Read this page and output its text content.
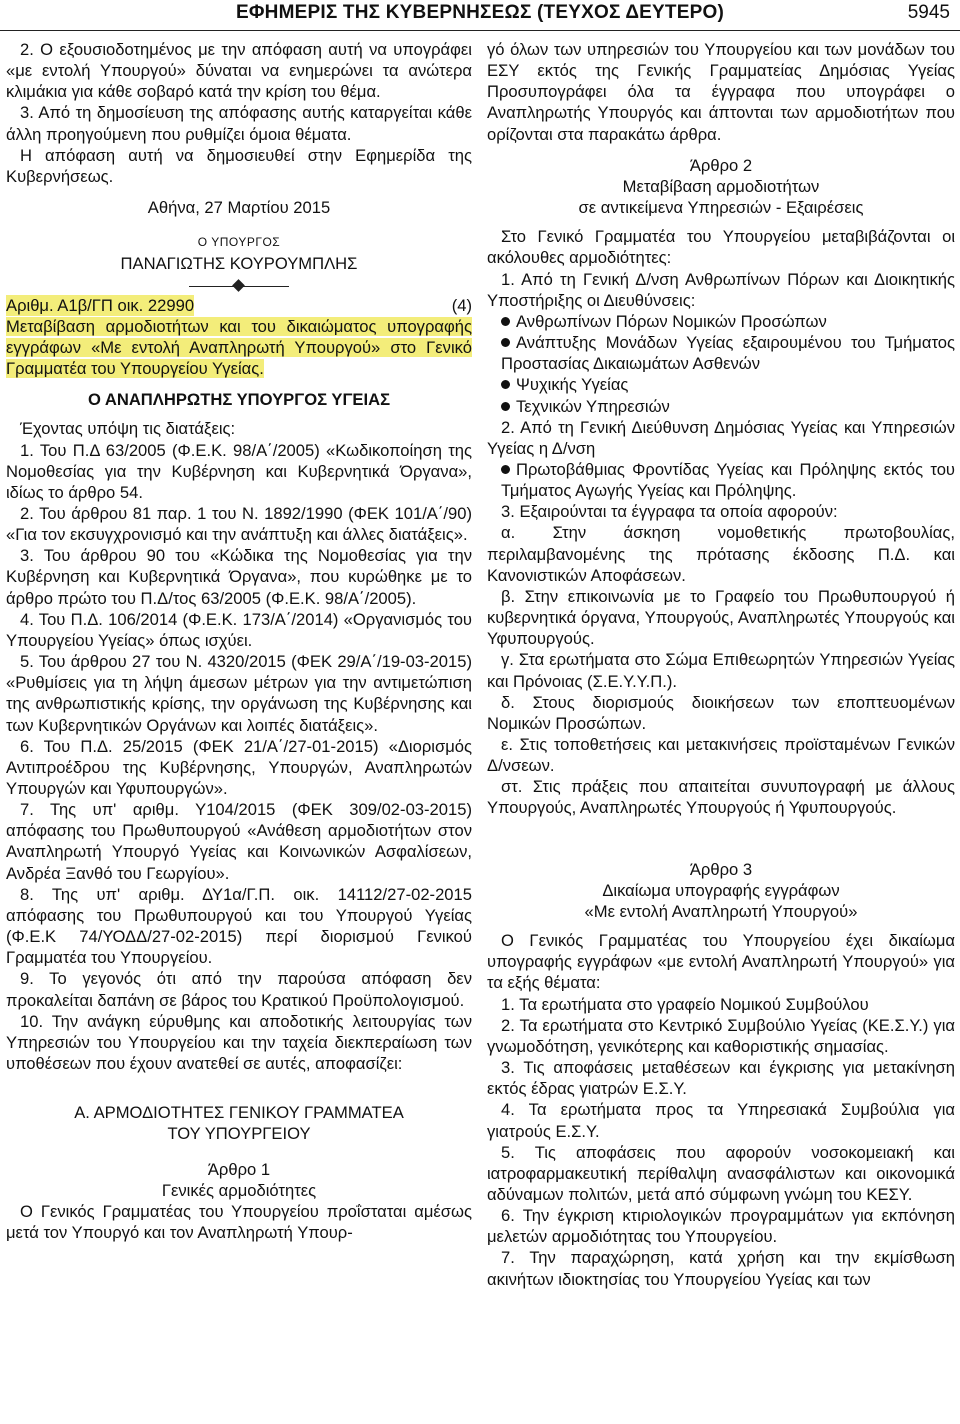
ΕΦΗΜΕΡΙΣ ΤΗΣ ΚΥΒΕΡΝΗΣΕΩΣ (ΤΕΥΧΟΣ ΔΕΥΤΕΡΟ)	5945

2. Ο εξουσιοδοτημένος με την απόφαση αυτή να υπογράφει «με εντολή Υπουργού» δύναται να ενημερώνει τα ανώτερα κλιμάκια για κάθε σοβαρό κατά την κρίση του θέμα.

3. Από τη δημοσίευση της απόφασης αυτής καταργείται κάθε άλλη προηγούμενη που ρυθμίζει όμοια θέματα.

Η απόφαση αυτή να δημοσιευθεί στην Εφημερίδα της Κυβερνήσεως.

Αθήνα, 27 Μαρτίου 2015

Ο ΥΠΟΥΡΓΟΣ

ΠΑΝΑΓΙΩΤΗΣ ΚΟΥΡΟΥΜΠΛΗΣ

Αριθμ. Α1β/ΓΠ οικ. 22990	(4)

Μεταβίβαση αρμοδιοτήτων και του δικαιώματος υπογραφής εγγράφων «Με εντολή Αναπληρωτή Υπουργού» στο Γενικό Γραμματέα του Υπουργείου Υγείας.

Ο ΑΝΑΠΛΗΡΩΤΗΣ ΥΠΟΥΡΓΟΣ ΥΓΕΙΑΣ

Έχοντας υπόψη τις διατάξεις:

1. Του Π.Δ 63/2005 (Φ.Ε.Κ. 98/Α΄/2005) «Κωδικοποίηση της Νομοθεσίας για την Κυβέρνηση και Κυβερνητικά Όργανα», ιδίως το άρθρο 54.

2. Του άρθρου 81 παρ. 1 του Ν. 1892/1990 (ΦΕΚ 101/Α΄/90) «Για τον εκσυγχρονισμό και την ανάπτυξη και άλλες διατάξεις».

3. Του άρθρου 90 του «Κώδικα της Νομοθεσίας για την Κυβέρνηση και Κυβερνητικά Όργανα», που κυρώθηκε με το άρθρο πρώτο του Π.Δ/τος 63/2005 (Φ.Ε.Κ. 98/Α΄/2005).

4. Του Π.Δ. 106/2014 (Φ.Ε.Κ. 173/Α΄/2014) «Οργανισμός του Υπουργείου Υγείας» όπως ισχύει.

5. Του άρθρου 27 του Ν. 4320/2015 (ΦΕΚ 29/Α΄/19-03-2015) «Ρυθμίσεις για τη λήψη άμεσων μέτρων για την αντιμετώπιση της ανθρωπιστικής κρίσης, την οργάνωση της Κυβέρνησης και των Κυβερνητικών Οργάνων και λοιπές διατάξεις».

6. Του Π.Δ. 25/2015 (ΦΕΚ 21/Α΄/27-01-2015) «Διορισμός Αντιπροέδρου της Κυβέρνησης, Υπουργών, Αναπληρωτών Υπουργών και Υφυπουργών».

7. Της υπ' αριθμ. Υ104/2015 (ΦΕΚ 309/02-03-2015) απόφασης του Πρωθυπουργού «Ανάθεση αρμοδιοτήτων στον Αναπληρωτή Υπουργό Υγείας και Κοινωνικών Ασφαλίσεων, Ανδρέα Ξανθό του Γεωργίου».

8. Της υπ' αριθμ. ΔΥ1α/Γ.Π. οικ. 14112/27-02-2015 απόφασης του Πρωθυπουργού και του Υπουργού Υγείας (Φ.Ε.Κ 74/ΥΟΔΔ/27-02-2015) περί διορισμού Γενικού Γραμματέα του Υπουργείου.

9. Το γεγονός ότι από την παρούσα απόφαση δεν προκαλείται δαπάνη σε βάρος του Κρατικού Προϋπολογισμού.

10. Την ανάγκη εύρυθμης και αποδοτικής λειτουργίας των Υπηρεσιών του Υπουργείου και την ταχεία διεκπεραίωση των υποθέσεων που έχουν ανατεθεί σε αυτές, αποφασίζει:

Α. ΑΡΜΟΔΙΟΤΗΤΕΣ ΓΕΝΙΚΟΥ ΓΡΑΜΜΑΤΕΑ

ΤΟΥ ΥΠΟΥΡΓΕΙΟΥ

Άρθρο 1

Γενικές αρμοδιότητες

Ο Γενικός Γραμματέας του Υπουργείου προΐσταται αμέσως μετά τον Υπουργό και τον Αναπληρωτή Υπουρ-

γό όλων των υπηρεσιών του Υπουργείου και των μονάδων του ΕΣΥ εκτός της Γενικής Γραμματείας Δημόσιας Υγείας Προσυπογράφει όλα τα έγγραφα που υπογράφει ο Αναπληρωτής Υπουργός και άπτονται των αρμοδιοτήτων που ορίζονται στα παρακάτω άρθρα.

Άρθρο 2

Μεταβίβαση αρμοδιοτήτων

σε αντικείμενα Υπηρεσιών - Εξαιρέσεις

Στο Γενικό Γραμματέα του Υπουργείου μεταβιβάζονται οι ακόλουθες αρμοδιότητες:

1. Από τη Γενική Δ/νση Ανθρωπίνων Πόρων και Διοικητικής Υποστήριξης οι Διευθύνσεις:

Ανθρωπίνων Πόρων Νομικών Προσώπων

Ανάπτυξης Μονάδων Υγείας εξαιρουμένου του Τμήματος Προστασίας Δικαιωμάτων Ασθενών

Ψυχικής Υγείας

Τεχνικών Υπηρεσιών

2. Από τη Γενική Διεύθυνση Δημόσιας Υγείας και Υπηρεσιών Υγείας η Δ/νση

Πρωτοβάθμιας Φροντίδας Υγείας και Πρόληψης εκτός του Τμήματος Αγωγής Υγείας και Πρόληψης.

3. Εξαιρούνται τα έγγραφα τα οποία αφορούν:

α. Στην άσκηση νομοθετικής πρωτοβουλίας, περιλαμβανομένης της πρότασης έκδοσης Π.Δ. και Κανονιστικών Αποφάσεων.

β. Στην επικοινωνία με το Γραφείο του Πρωθυπουργού ή κυβερνητικά όργανα, Υπουργούς, Αναπληρωτές Υπουργούς και Υφυπουργούς.

γ. Στα ερωτήματα στο Σώμα Επιθεωρητών Υπηρεσιών Υγείας και Πρόνοιας (Σ.Ε.Υ.Υ.Π.).

δ. Στους διορισμούς διοικήσεων των εποπτευομένων Νομικών Προσώπων.

ε. Στις τοποθετήσεις και μετακινήσεις προϊσταμένων Γενικών Δ/νσεων.

στ. Στις πράξεις που απαιτείται συνυπογραφή με άλλους Υπουργούς, Αναπληρωτές Υπουργούς ή Υφυπουργούς.

Άρθρο 3

Δικαίωμα υπογραφής εγγράφων

«Με εντολή Αναπληρωτή Υπουργού»

Ο Γενικός Γραμματέας του Υπουργείου έχει δικαίωμα υπογραφής εγγράφων «με εντολή Αναπληρωτή Υπουργού» για τα εξής θέματα:

1. Τα ερωτήματα στο γραφείο Νομικού Συμβούλου

2. Τα ερωτήματα στο Κεντρικό Συμβούλιο Υγείας (ΚΕ.Σ.Υ.) για γνωμοδότηση, γενικότερης και καθοριστικής σημασίας.

3. Τις αποφάσεις μεταθέσεων και έγκρισης για μετακίνηση εκτός έδρας γιατρών Ε.Σ.Υ.

4. Τα ερωτήματα προς τα Υπηρεσιακά Συμβούλια για γιατρούς Ε.Σ.Υ.

5. Τις αποφάσεις που αφορούν νοσοκομειακή και ιατροφαρμακευτική περίθαλψη ανασφάλιστων και οικονομικά αδύναμων πολιτών, μετά από σύμφωνη γνώμη του ΚΕΣΥ.

6. Την έγκριση κτιριολογικών προγραμμάτων για εκπόνηση μελετών αρμοδιότητας του Υπουργείου.

7. Την παραχώρηση, κατά χρήση και την εκμίσθωση ακινήτων ιδιοκτησίας του Υπουργείου Υγείας και των
